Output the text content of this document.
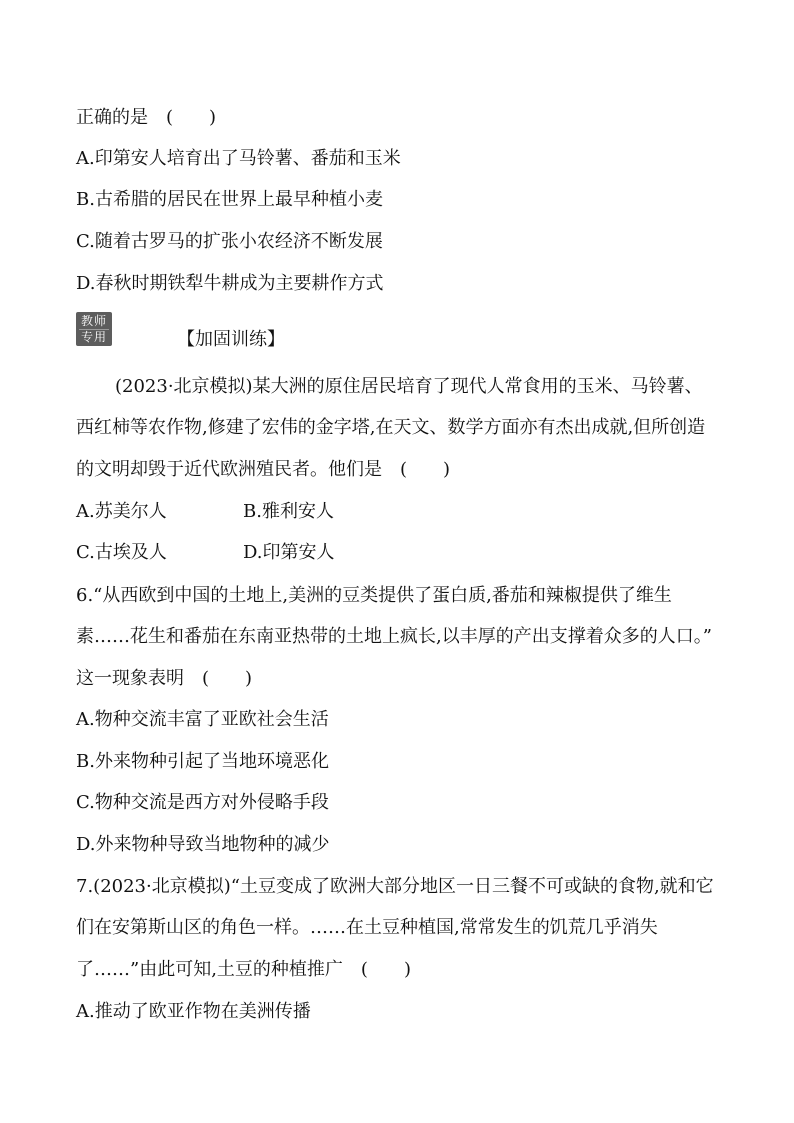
正确的是　(　　)
A.印第安人培育出了马铃薯、番茄和玉米
B.古希腊的居民在世界上最早种植小麦
C.随着古罗马的扩张小农经济不断发展
D.春秋时期铁犁牛耕成为主要耕作方式
教师
专用	【加固训练】
(2023·北京模拟)某大洲的原住居民培育了现代人常食用的玉米、马铃薯、
西红柿等农作物,修建了宏伟的金字塔,在天文、数学方面亦有杰出成就,但所创造
的文明却毁于近代欧洲殖民者。他们是　(　　)
A.苏美尔人	B.雅利安人
C.古埃及人	D.印第安人
6.“从西欧到中国的土地上,美洲的豆类提供了蛋白质,番茄和辣椒提供了维生
素……花生和番茄在东南亚热带的土地上疯长,以丰厚的产出支撑着众多的人口。”
这一现象表明　(　　)
A.物种交流丰富了亚欧社会生活
B.外来物种引起了当地环境恶化
C.物种交流是西方对外侵略手段
D.外来物种导致当地物种的减少
7.(2023·北京模拟)“土豆变成了欧洲大部分地区一日三餐不可或缺的食物,就和它
们在安第斯山区的角色一样。……在土豆种植国,常常发生的饥荒几乎消失
了……”由此可知,土豆的种植推广　(　　)
A.推动了欧亚作物在美洲传播
